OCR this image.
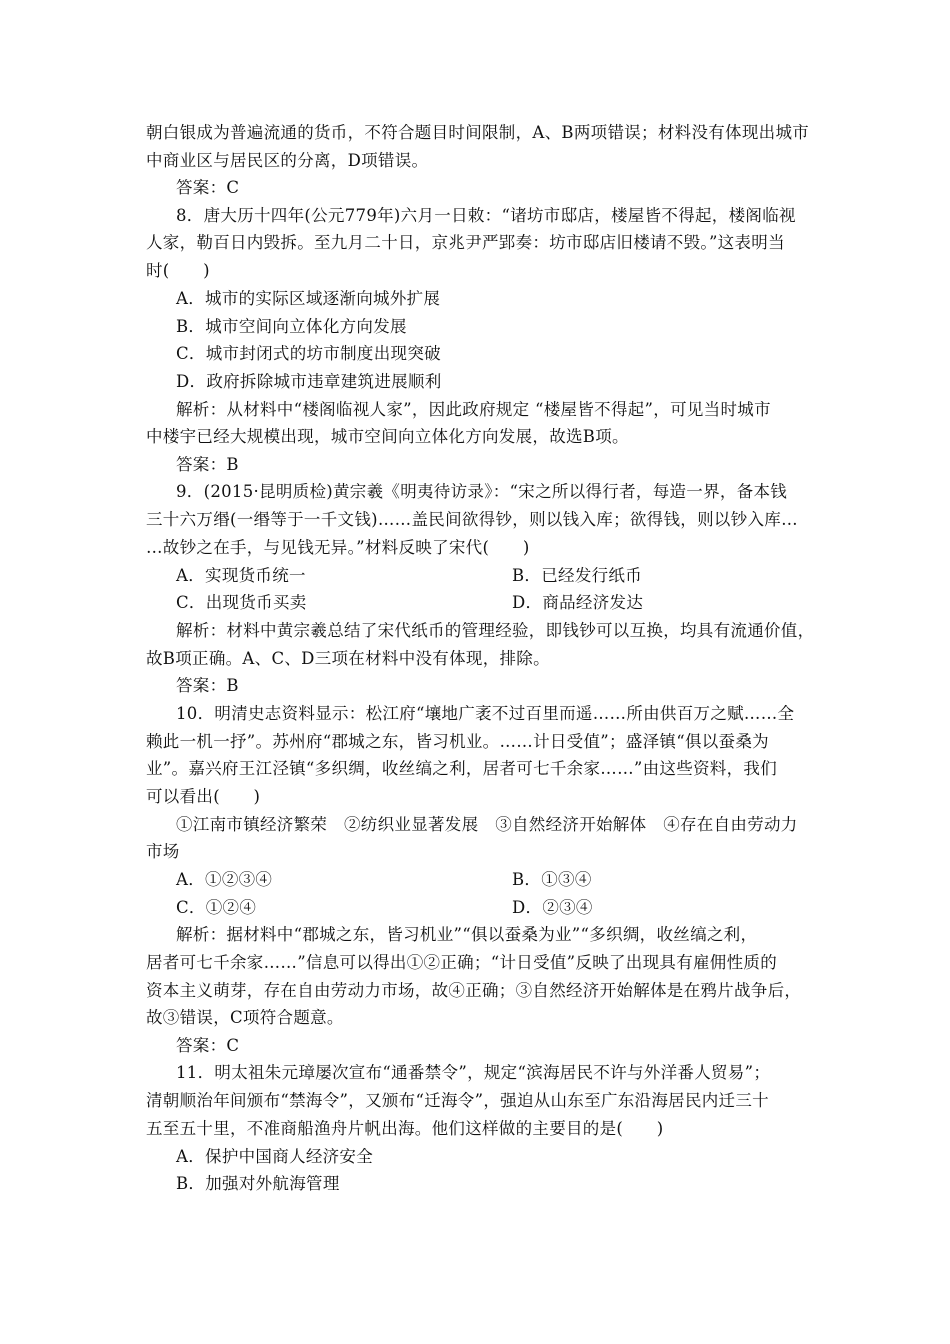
朝白银成为普遍流通的货币，不符合题目时间限制，A、B两项错误；材料没有体现出城市
中商业区与居民区的分离，D项错误。
答案：C
8．唐大历十四年(公元779年)六月一日敕：“诸坊市邸店，楼屋皆不得起，楼阁临视
人家，勒百日内毁拆。至九月二十日，京兆尹严郢奏：坊市邸店旧楼请不毁。”这表明当
时(　　)
A．城市的实际区域逐渐向城外扩展
B．城市空间向立体化方向发展
C．城市封闭式的坊市制度出现突破
D．政府拆除城市违章建筑进展顺利
解析：从材料中“楼阁临视人家”，因此政府规定 “楼屋皆不得起”，可见当时城市
中楼宇已经大规模出现，城市空间向立体化方向发展，故选B项。
答案：B
9．(2015·昆明质检)黄宗羲《明夷待访录》：“宋之所以得行者，每造一界，备本钱
三十六万缗(一缗等于一千文钱)……盖民间欲得钞，则以钱入库；欲得钱，则以钞入库…
…故钞之在手，与见钱无异。”材料反映了宋代(　　)
A．实现货币统一	B．已经发行纸币
C．出现货币买卖	D．商品经济发达
解析：材料中黄宗羲总结了宋代纸币的管理经验，即钱钞可以互换，均具有流通价值，
故B项正确。A、C、D三项在材料中没有体现，排除。
答案：B
10．明清史志资料显示：松江府“壤地广袤不过百里而遥……所由供百万之赋……全
赖此一机一抒”。苏州府“郡城之东，皆习机业。……计日受值”；盛泽镇“俱以蚕桑为
业”。嘉兴府王江泾镇“多织绸，收丝缟之利，居者可七千余家……”由这些资料，我们
可以看出(　　)
①江南市镇经济繁荣　②纺织业显著发展　③自然经济开始解体　④存在自由劳动力
市场
A．①②③④	B．①③④
C．①②④	D．②③④
解析：据材料中“郡城之东，皆习机业”“俱以蚕桑为业”“多织绸，收丝缟之利，
居者可七千余家……”信息可以得出①②正确；“计日受值”反映了出现具有雇佣性质的
资本主义萌芽，存在自由劳动力市场，故④正确；③自然经济开始解体是在鸦片战争后，
故③错误，C项符合题意。
答案：C
11．明太祖朱元璋屡次宣布“通番禁令”，规定“滨海居民不许与外洋番人贸易”；
清朝顺治年间颁布“禁海令”，又颁布“迁海令”，强迫从山东至广东沿海居民内迁三十
五至五十里，不准商船渔舟片帆出海。他们这样做的主要目的是(　　)
A．保护中国商人经济安全
B．加强对外航海管理
